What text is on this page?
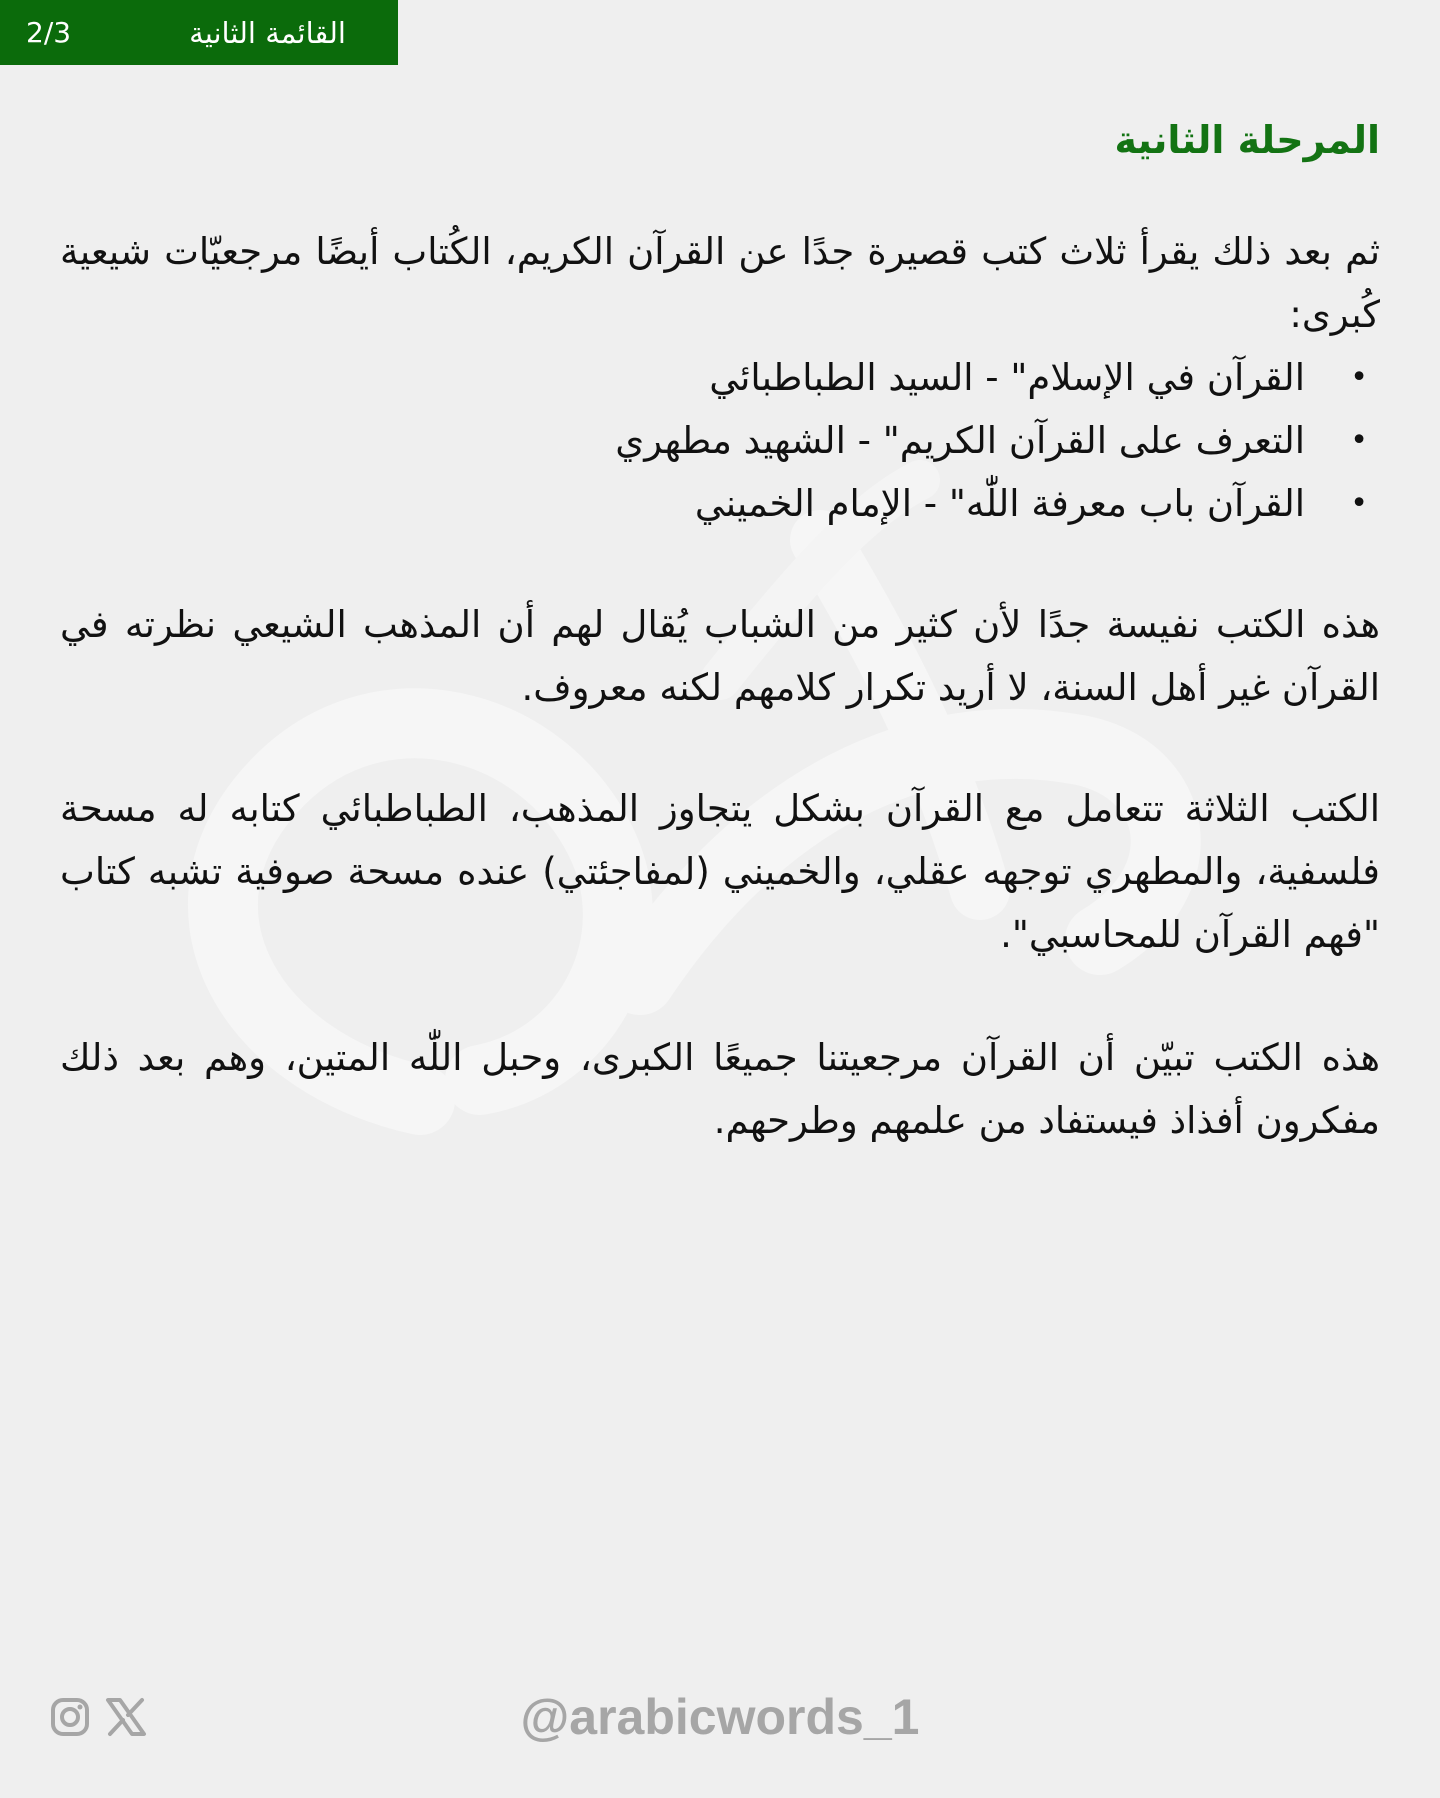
2/3	القائمة الثانية
المرحلة الثانية

ثم بعد ذلك يقرأ ثلاث كتب قصيرة جدًا عن القرآن الكريم، الكُتاب أيضًا مرجعيّات شيعية كُبرى:

•
القرآن في الإسلام" - السيد الطباطبائي
•
التعرف على القرآن الكريم" - الشهيد مطهري
•
القرآن باب معرفة اللّٰه" - الإمام الخميني

هذه الكتب نفيسة جدًا لأن كثير من الشباب يُقال لهم أن المذهب الشيعي نظرته في القرآن غير أهل السنة، لا أريد تكرار كلامهم لكنه معروف.

الكتب الثلاثة تتعامل مع القرآن بشكل يتجاوز المذهب، الطباطبائي كتابه له مسحة فلسفية، والمطهري توجهه عقلي، والخميني (لمفاجئتي) عنده مسحة صوفية تشبه كتاب "فهم القرآن للمحاسبي".

هذه الكتب تبيّن أن القرآن مرجعيتنا جميعًا الكبرى، وحبل اللّٰه المتين، وهم بعد ذلك مفكرون أفذاذ فيستفاد من علمهم وطرحهم.

@arabicwords_1
